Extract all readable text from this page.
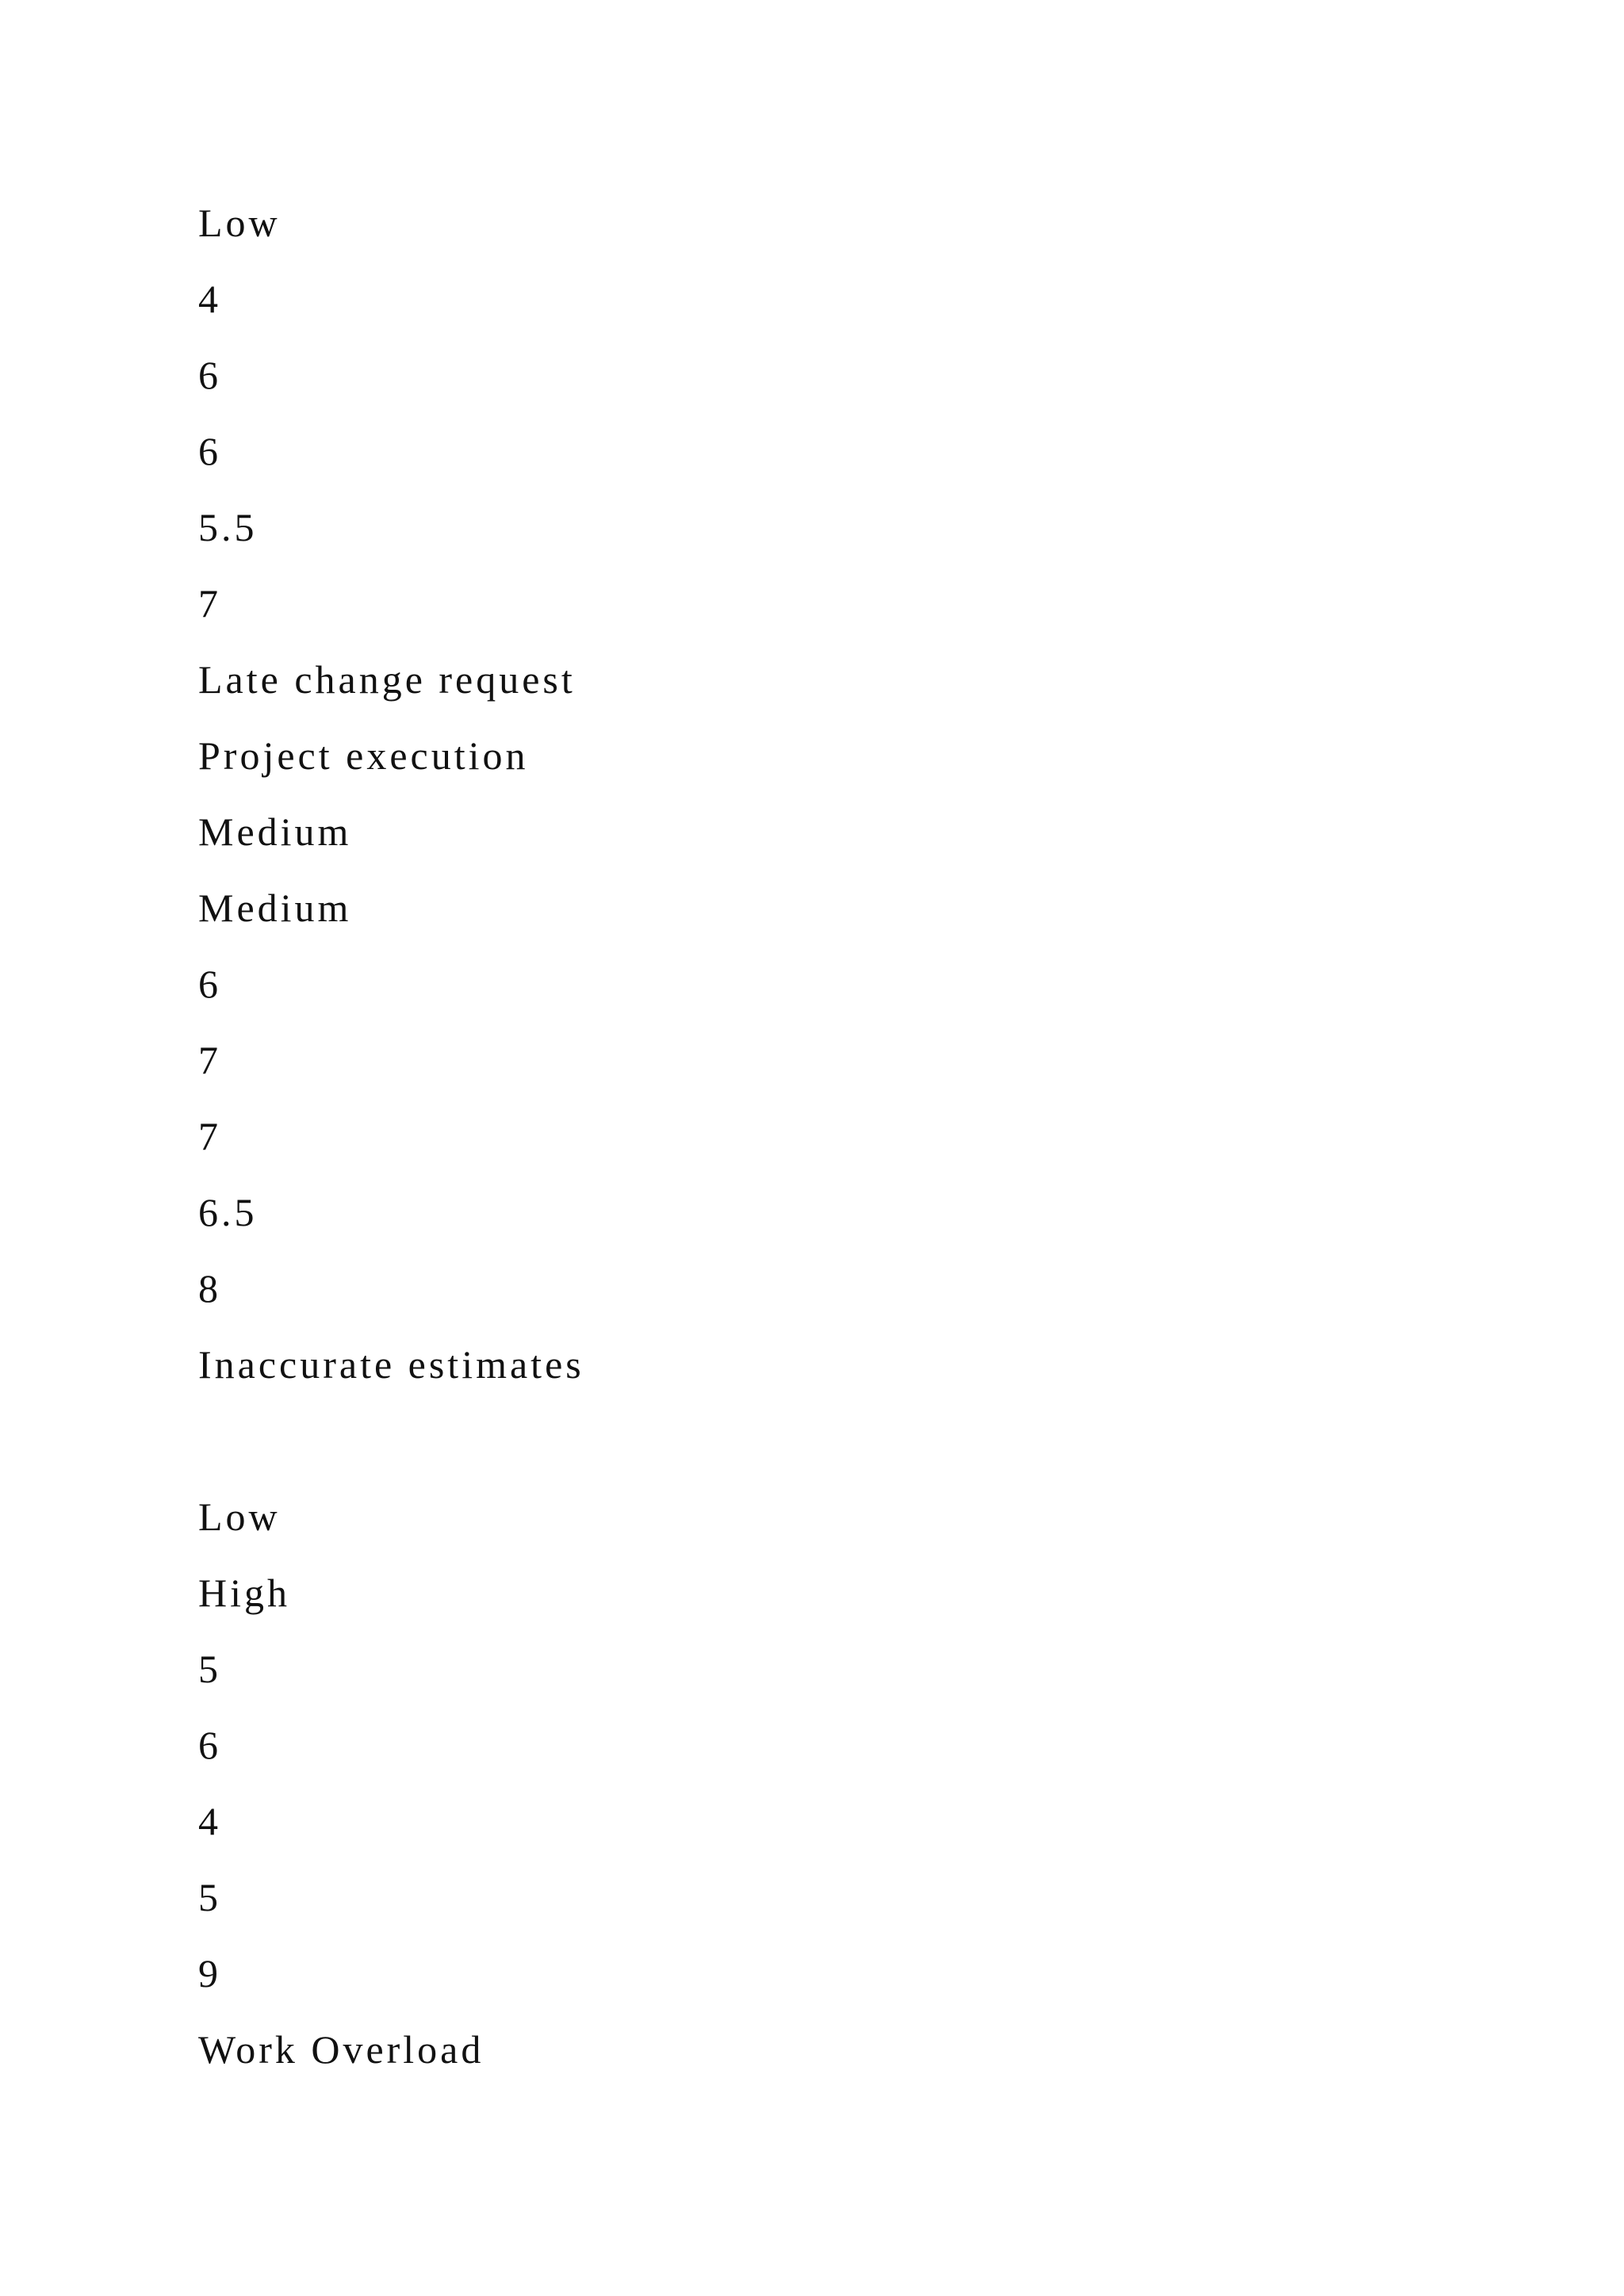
Low
4
6
6
5.5
7
Late change request
Project execution
Medium
Medium
6
7
7
6.5
8
Inaccurate estimates
Low
High
5
6
4
5
9
Work Overload
